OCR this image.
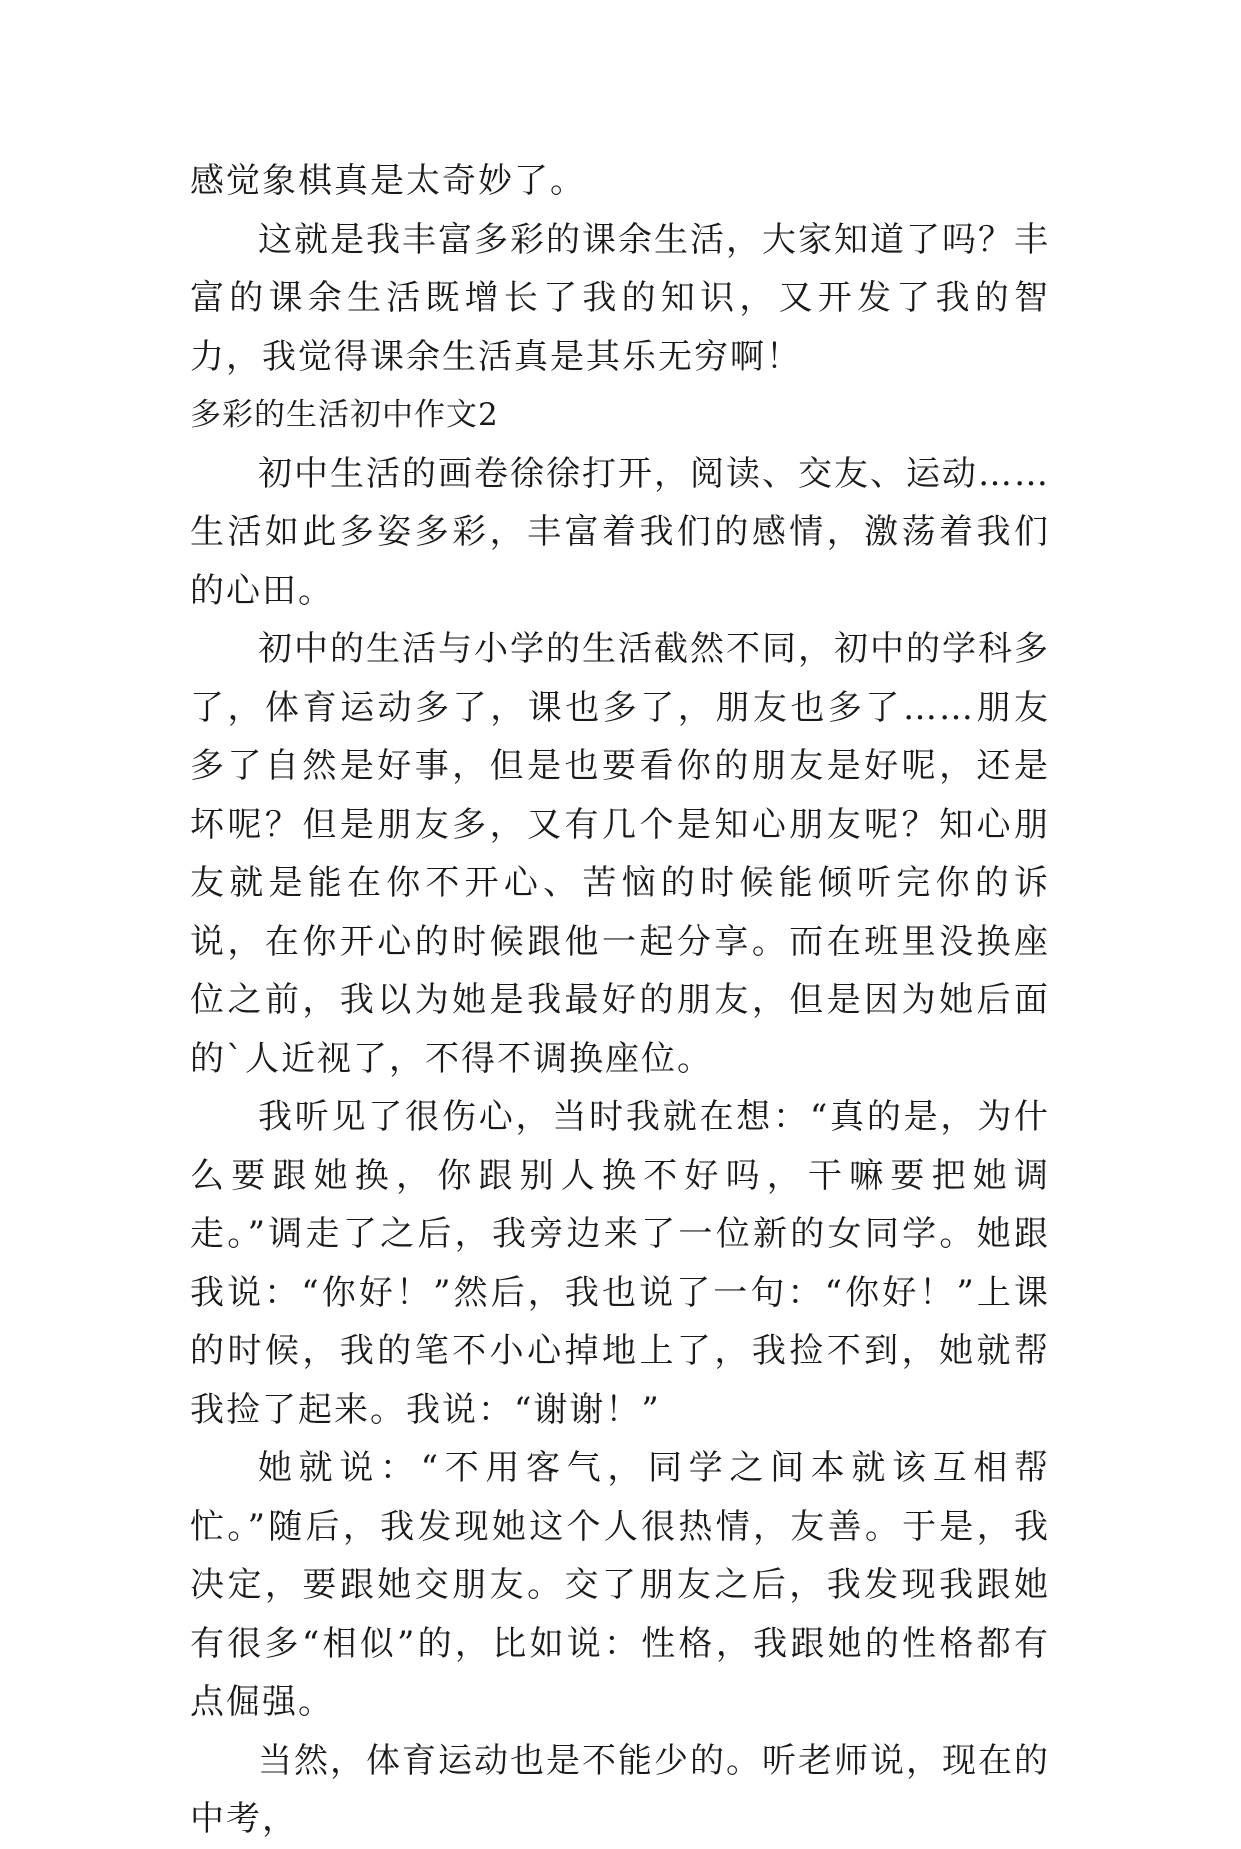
感觉象棋真是太奇妙了。

这就是我丰富多彩的课余生活，大家知道了吗？丰富的课余生活既增长了我的知识，又开发了我的智力，我觉得课余生活真是其乐无穷啊！

多彩的生活初中作文2

初中生活的画卷徐徐打开，阅读、交友、运动……生活如此多姿多彩，丰富着我们的感情，激荡着我们的心田。

初中的生活与小学的生活截然不同，初中的学科多了，体育运动多了，课也多了，朋友也多了……朋友多了自然是好事，但是也要看你的朋友是好呢，还是坏呢？但是朋友多，又有几个是知心朋友呢？知心朋友就是能在你不开心、苦恼的时候能倾听完你的诉说，在你开心的时候跟他一起分享。而在班里没换座位之前，我以为她是我最好的朋友，但是因为她后面的`人近视了，不得不调换座位。

我听见了很伤心，当时我就在想：“真的是，为什么要跟她换，你跟别人换不好吗，干嘛要把她调走。”调走了之后，我旁边来了一位新的女同学。她跟我说：“你好！”然后，我也说了一句：“你好！”上课的时候，我的笔不小心掉地上了，我捡不到，她就帮我捡了起来。我说：“谢谢！”

她就说：“不用客气，同学之间本就该互相帮忙。”随后，我发现她这个人很热情，友善。于是，我决定，要跟她交朋友。交了朋友之后，我发现我跟她有很多“相似”的，比如说：性格，我跟她的性格都有点倔强。

当然，体育运动也是不能少的。听老师说，现在的中考，
